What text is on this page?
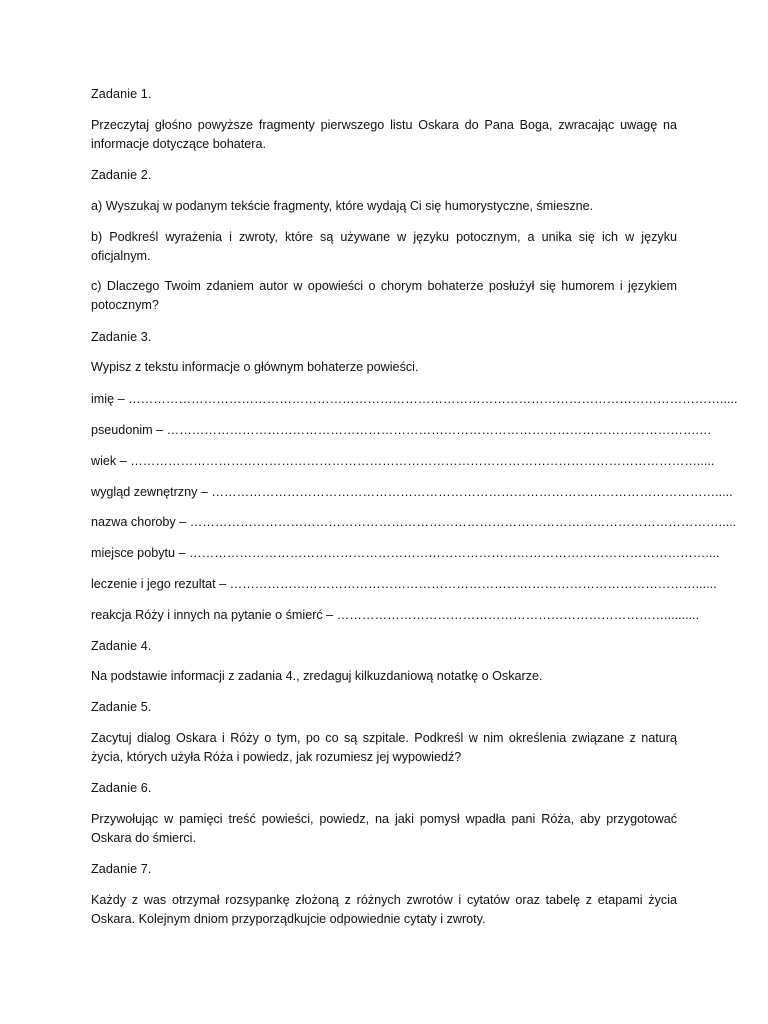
Zadanie 1.

Przeczytaj głośno powyższe fragmenty pierwszego listu Oskara do Pana Boga, zwracając uwagę na informacje dotyczące bohatera.

Zadanie 2.

a) Wyszukaj w podanym tekście fragmenty, które wydają Ci się humorystyczne, śmieszne.

b) Podkreśl wyrażenia i zwroty, które są używane w języku potocznym, a unika się ich w języku oficjalnym.

c) Dlaczego Twoim zdaniem autor w opowieści o chorym bohaterze posłużył się humorem i językiem potocznym?

Zadanie 3.

Wypisz z tekstu informacje o głównym bohaterze powieści.

imię – …………………………………………………………………………………………………………………………….....

pseudonim – ……………………………………………………………………………………………………………….…

wiek – ……………………………………………………………………………………………………………………….....

wygląd zewnętrzny – ………………………………………………………………………………………………………….....

nazwa choroby – ……………………………………………………………………………………………………………….....

miejsce pobytu – ……………………………………………………………………………………………………………....

leczenie i jego rezultat – …………………………………………………………………………………………………......

reakcja Róży i innych na pytanie o śmierć – ……………………………………………………………………..........

Zadanie 4.

Na podstawie informacji z zadania 4., zredaguj kilkuzdaniową notatkę o Oskarze.

Zadanie 5.

Zacytuj dialog Oskara i Róży o tym, po co są szpitale. Podkreśl w nim określenia związane z naturą życia, których użyła Róża i powiedz, jak rozumiesz jej wypowiedź?

Zadanie 6.

Przywołując w pamięci treść powieści, powiedz, na jaki pomysł wpadła pani Róża, aby przygotować Oskara do śmierci.

Zadanie 7.

Każdy z was otrzymał rozsypankę złożoną z różnych zwrotów i cytatów oraz tabelę z etapami życia Oskara. Kolejnym dniom przyporządkujcie odpowiednie cytaty i zwroty.
